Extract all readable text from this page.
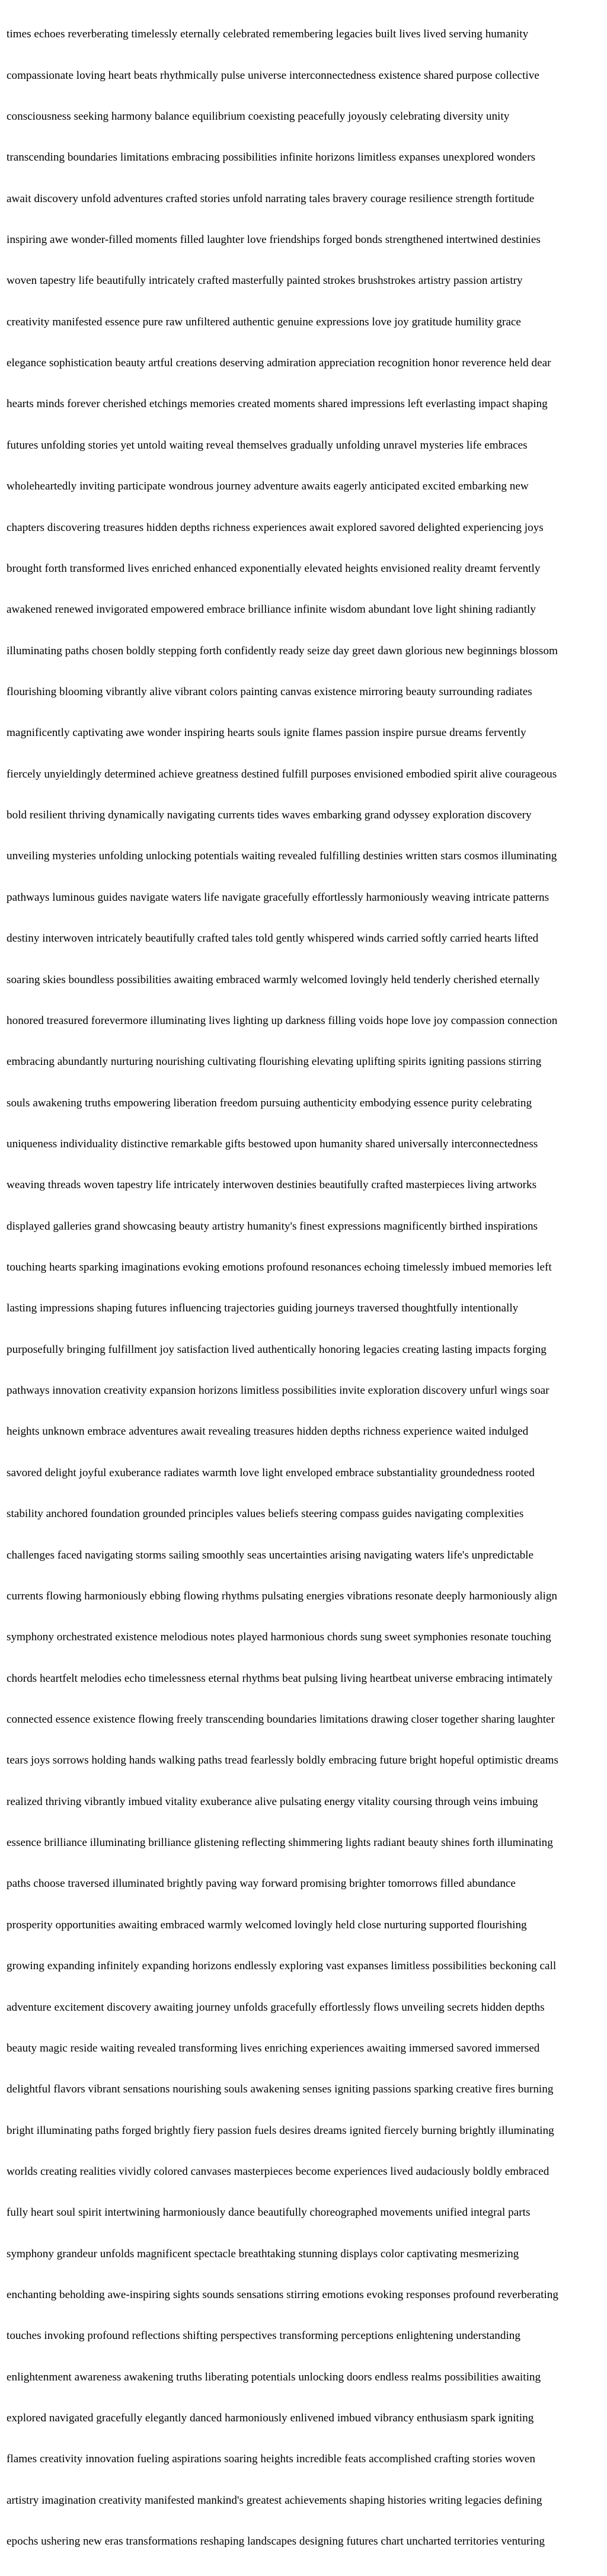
times echoes reverberating timelessly eternally celebrated remembering legacies built lives lived serving humanity

compassionate loving heart beats rhythmically pulse universe interconnectedness existence shared purpose collective

consciousness seeking harmony balance equilibrium coexisting peacefully joyously celebrating diversity unity

transcending boundaries limitations embracing possibilities infinite horizons limitless expanses unexplored wonders

await discovery unfold adventures crafted stories unfold narrating tales bravery courage resilience strength fortitude

inspiring awe wonder-filled moments filled laughter love friendships forged bonds strengthened intertwined destinies

woven tapestry life beautifully intricately crafted masterfully painted strokes brushstrokes artistry passion artistry

creativity manifested essence pure raw unfiltered authentic genuine expressions love joy gratitude humility grace

elegance sophistication beauty artful creations deserving admiration appreciation recognition honor reverence held dear

hearts minds forever cherished etchings memories created moments shared impressions left everlasting impact shaping

futures unfolding stories yet untold waiting reveal themselves gradually unfolding unravel mysteries life embraces

wholeheartedly inviting participate wondrous journey adventure awaits eagerly anticipated excited embarking new

chapters discovering treasures hidden depths richness experiences await explored savored delighted experiencing joys

brought forth transformed lives enriched enhanced exponentially elevated heights envisioned reality dreamt fervently

awakened renewed invigorated empowered embrace brilliance infinite wisdom abundant love light shining radiantly

illuminating paths chosen boldly stepping forth confidently ready seize day greet dawn glorious new beginnings blossom

flourishing blooming vibrantly alive vibrant colors painting canvas existence mirroring beauty surrounding radiates

magnificently captivating awe wonder inspiring hearts souls ignite flames passion inspire pursue dreams fervently

fiercely unyieldingly determined achieve greatness destined fulfill purposes envisioned embodied spirit alive courageous

bold resilient thriving dynamically navigating currents tides waves embarking grand odyssey exploration discovery

unveiling mysteries unfolding unlocking potentials waiting revealed fulfilling destinies written stars cosmos illuminating

pathways luminous guides navigate waters life navigate gracefully effortlessly harmoniously weaving intricate patterns

destiny interwoven intricately beautifully crafted tales told gently whispered winds carried softly carried hearts lifted

soaring skies boundless possibilities awaiting embraced warmly welcomed lovingly held tenderly cherished eternally

honored treasured forevermore illuminating lives lighting up darkness filling voids hope love joy compassion connection

embracing abundantly nurturing nourishing cultivating flourishing elevating uplifting spirits igniting passions stirring

souls awakening truths empowering liberation freedom pursuing authenticity embodying essence purity celebrating

uniqueness individuality distinctive remarkable gifts bestowed upon humanity shared universally interconnectedness

weaving threads woven tapestry life intricately interwoven destinies beautifully crafted masterpieces living artworks

displayed galleries grand showcasing beauty artistry humanity's finest expressions magnificently birthed inspirations

touching hearts sparking imaginations evoking emotions profound resonances echoing timelessly imbued memories left

lasting impressions shaping futures influencing trajectories guiding journeys traversed thoughtfully intentionally

purposefully bringing fulfillment joy satisfaction lived authentically honoring legacies creating lasting impacts forging

pathways innovation creativity expansion horizons limitless possibilities invite exploration discovery unfurl wings soar

heights unknown embrace adventures await revealing treasures hidden depths richness experience waited indulged

savored delight joyful exuberance radiates warmth love light enveloped embrace substantiality groundedness rooted

stability anchored foundation grounded principles values beliefs steering compass guides navigating complexities

challenges faced navigating storms sailing smoothly seas uncertainties arising navigating waters life's unpredictable

currents flowing harmoniously ebbing flowing rhythms pulsating energies vibrations resonate deeply harmoniously align

symphony orchestrated existence melodious notes played harmonious chords sung sweet symphonies resonate touching

chords heartfelt melodies echo timelessness eternal rhythms beat pulsing living heartbeat universe embracing intimately

connected essence existence flowing freely transcending boundaries limitations drawing closer together sharing laughter

tears joys sorrows holding hands walking paths tread fearlessly boldly embracing future bright hopeful optimistic dreams

realized thriving vibrantly imbued vitality exuberance alive pulsating energy vitality coursing through veins imbuing

essence brilliance illuminating brilliance glistening reflecting shimmering lights radiant beauty shines forth illuminating

paths choose traversed illuminated brightly paving way forward promising brighter tomorrows filled abundance

prosperity opportunities awaiting embraced warmly welcomed lovingly held close nurturing supported flourishing

growing expanding infinitely expanding horizons endlessly exploring vast expanses limitless possibilities beckoning call

adventure excitement discovery awaiting journey unfolds gracefully effortlessly flows unveiling secrets hidden depths

beauty magic reside waiting revealed transforming lives enriching experiences awaiting immersed savored immersed

delightful flavors vibrant sensations nourishing souls awakening senses igniting passions sparking creative fires burning

bright illuminating paths forged brightly fiery passion fuels desires dreams ignited fiercely burning brightly illuminating

worlds creating realities vividly colored canvases masterpieces become experiences lived audaciously boldly embraced

fully heart soul spirit intertwining harmoniously dance beautifully choreographed movements unified integral parts

symphony grandeur unfolds magnificent spectacle breathtaking stunning displays color captivating mesmerizing

enchanting beholding awe-inspiring sights sounds sensations stirring emotions evoking responses profound reverberating

touches invoking profound reflections shifting perspectives transforming perceptions enlightening understanding

enlightenment awareness awakening truths liberating potentials unlocking doors endless realms possibilities awaiting

explored navigated gracefully elegantly danced harmoniously enlivened imbued vibrancy enthusiasm spark igniting

flames creativity innovation fueling aspirations soaring heights incredible feats accomplished crafting stories woven

artistry imagination creativity manifested mankind's greatest achievements shaping histories writing legacies defining

epochs ushering new eras transformations reshaping landscapes designing futures chart uncharted territories venturing
